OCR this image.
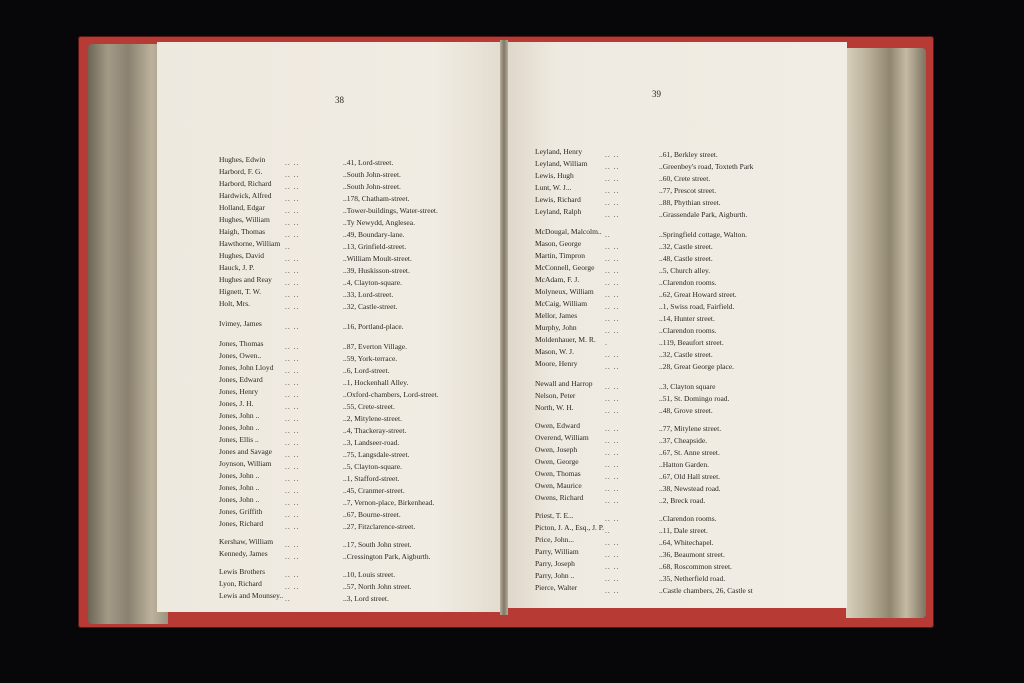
38
Hughes, Edwin	.. ..	..41, Lord-street.
Harbord, F. G.	.. ..	..South John-street.
Harbord, Richard .. ..	..South John-street.
Hardwick, Alfred .. ..	..178, Chatham-street.
Holland, Edgar	.. ..	..Tower-buildings, Water-street.
Hughes, William .. ..	..Ty Newydd, Anglesea.
Haigh, Thomas	.. ..	..49, Boundary-lane.
Hawthorne, William..	..13, Grinfield-street.
Hughes, David	.. ..	..William Moult-street.
Hauck, J. P.	.. ..	..39, Huskisson-street.
Hughes and Reay .. ..	..4, Clayton-square.
Hignett, T. W.	.. ..	..33, Lord-street.
Holt, Mrs.	.. ..	..32, Castle-street.
Ivimey, James	.. ..	..16, Portland-place.
Jones, Thomas	.. ..	..87, Everton Village.
Jones, Owen..	.. ..	..59, York-terrace.
Jones, John Lloyd .. ..	..6, Lord-street.
Jones, Edward	.. ..	..1, Hockenhall Alley.
Jones, Henry	.. ..	..Oxford-chambers, Lord-street.
Jones, J. H.	.. ..	..55, Crete-street.
Jones, John ..	.. ..	..2, Mitylene-street.
Jones, John ..	.. ..	..4, Thackeray-street.
Jones, Ellis ..	.. ..	..3, Landseer-road.
Jones and Savage .. ..	..75, Langsdale-street.
Joynson, William .. ..	..5, Clayton-square.
Jones, John ..	.. ..	..1, Stafford-street.
Jones, John ..	.. ..	..45, Cranmer-street.
Jones, John ..	.. ..	..7, Vernon-place, Birkenhead.
Jones, Griffith	.. ..	..67, Bourne-street.
Jones, Richard	.. ..	..27, Fitzclarence-street.
Kershaw, William .. ..	..17, South John street.
Kennedy, James .. ..	..Cressington Park, Aigburth.
Lewis Brothers	.. ..	..10, Louis street.
Lyon, Richard	.. ..	..57, North John street.
Lewis and Mounsey....	..3, Lord street.
39
Leyland, Henry	.. ..	..61, Berkley street.
Leyland, William .. ..	..Greenbey's road, Toxteth Park
Lewis, Hugh	.. ..	..60, Crete street.
Lunt, W. J...	.. ..	..77, Prescot street.
Lewis, Richard	.. ..	..88, Phythian street.
Leyland, Ralph	.. ..	..Grassendale Park, Aigburth.
McDougal, Malcolm....	..Springfield cottage, Walton.
Mason, George	.. ..	..32, Castle street.
Martin, Timpron	.. ..	..48, Castle street.
McConnell, George .. ..	..5, Church alley.
McAdam, F. J.	.. ..	..Clarendon rooms.
Molyneux, William .. ..	..62, Great Howard street.
McCaig, William .. ..	..1, Swiss road, Fairfield.
Mellor, James	.. ..	..14, Hunter street.
Murphy, John	.. ..	..Clarendon rooms.
Moldenhauer, M. R..	..119, Beaufort street.
Mason, W. J.	.. ..	..32, Castle street.
Moore, Henry	.. ..	..28, Great George place.
Newall and Harrop .. ..	..3, Clayton square
Nelson, Peter	.. ..	..51, St. Domingo road.
North, W. H.	.. ..	..48, Grove street.
Owen, Edward	.. ..	..77, Mitylene street.
Overend, William .. ..	..37, Cheapside.
Owen, Joseph	.. ..	..67, St. Anne street.
Owen, George	.. ..	..Hatton Garden.
Owen, Thomas	.. ..	..67, Old Hall street.
Owen, Maurice	.. ..	..38, Newstead road.
Owens, Richard	.. ..	..2, Breck road.
Priest, T. E...	.. ..	..Clarendon rooms.
Picton, J. A., Esq., J. P...	..11, Dale street.
Price, John...	.. ..	..64, Whitechapel.
Parry, William	.. ..	..36, Beaumont street.
Parry, Joseph	.. ..	..68, Roscommon street.
Parry, John ..	.. ..	..35, Netherfield road.
Pierce, Walter	.. ..	..Castle chambers, 26, Castle st
